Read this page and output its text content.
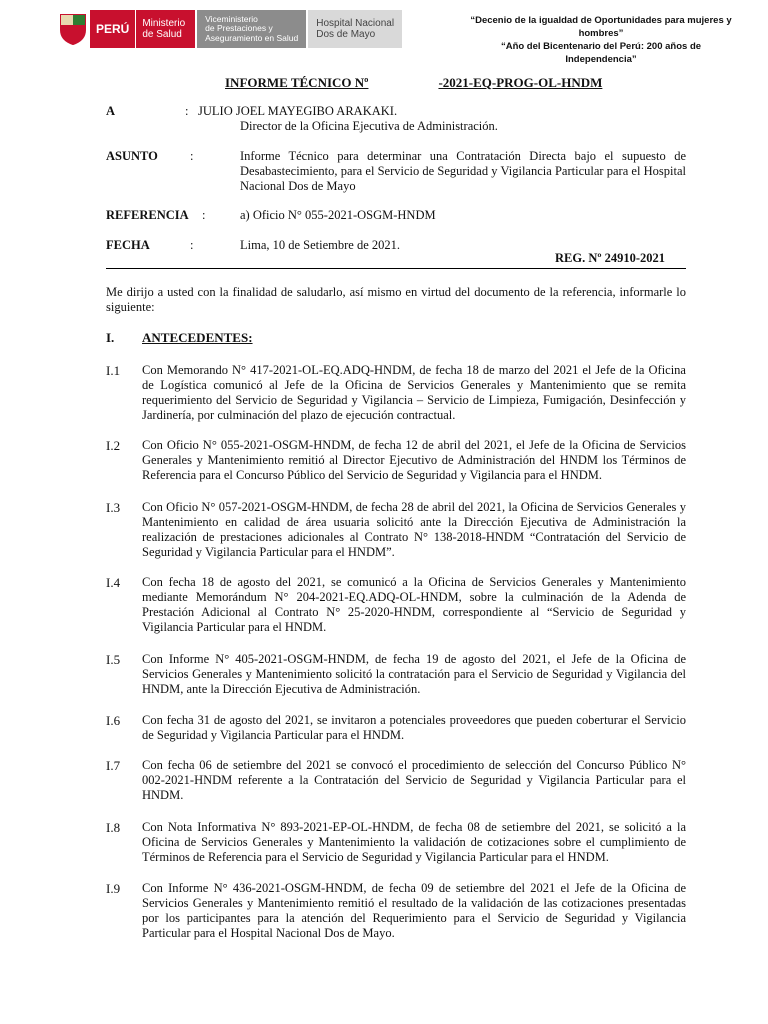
PERÚ	Ministerio
de Salud
Viceministerio
de Prestaciones y
Aseguramiento en Salud
Hospital Nacional
Dos de Mayo
“Decenio de la igualdad de Oportunidades para mujeres y
hombres”
“Año del Bicentenario del Perú: 200 años de Independencia”
INFORME TÉCNICO Nº	-2021-EQ-PROG-OL-HNDM
A	: JULIO JOEL MAYEGIBO ARAKAKI.
Director de la Oficina Ejecutiva de Administración.
ASUNTO	:	Informe Técnico para determinar una Contratación Directa bajo el supuesto de Desabastecimiento, para el Servicio de Seguridad y Vigilancia Particular para el Hospital Nacional Dos de Mayo
REFERENCIA :	a) Oficio N° 055-2021-OSGM-HNDM
FECHA	:	Lima, 10 de Setiembre de 2021.
REG. Nº 24910-2021
Me dirijo a usted con la finalidad de saludarlo, así mismo en virtud del documento de la referencia, informarle lo siguiente:
I. ANTECEDENTES:
I.1 Con Memorando N° 417-2021-OL-EQ.ADQ-HNDM, de fecha 18 de marzo del 2021 el Jefe de la Oficina de Logística comunicó al Jefe de la Oficina de Servicios Generales y Mantenimiento que se remita requerimiento del Servicio de Seguridad y Vigilancia – Servicio de Limpieza, Fumigación, Desinfección y Jardinería, por culminación del plazo de ejecución contractual.
I.2 Con Oficio N° 055-2021-OSGM-HNDM, de fecha 12 de abril del 2021, el Jefe de la Oficina de Servicios Generales y Mantenimiento remitió al Director Ejecutivo de Administración del HNDM los Términos de Referencia para el Concurso Público del Servicio de Seguridad y Vigilancia para el HNDM.
I.3 Con Oficio N° 057-2021-OSGM-HNDM, de fecha 28 de abril del 2021, la Oficina de Servicios Generales y Mantenimiento en calidad de área usuaria solicitó ante la Dirección Ejecutiva de Administración la realización de prestaciones adicionales al Contrato N° 138-2018-HNDM “Contratación del Servicio de Seguridad y Vigilancia Particular para el HNDM”.
I.4 Con fecha 18 de agosto del 2021, se comunicó a la Oficina de Servicios Generales y Mantenimiento mediante Memorándum N° 204-2021-EQ.ADQ-OL-HNDM, sobre la culminación de la Adenda de Prestación Adicional al Contrato N° 25-2020-HNDM, correspondiente al “Servicio de Seguridad y Vigilancia Particular para el HNDM.
I.5 Con Informe N° 405-2021-OSGM-HNDM, de fecha 19 de agosto del 2021, el Jefe de la Oficina de Servicios Generales y Mantenimiento solicitó la contratación para el Servicio de Seguridad y Vigilancia del HNDM, ante la Dirección Ejecutiva de Administración.
I.6 Con fecha 31 de agosto del 2021, se invitaron a potenciales proveedores que pueden coberturar el Servicio de Seguridad y Vigilancia Particular para el HNDM.
I.7 Con fecha 06 de setiembre del 2021 se convocó el procedimiento de selección del Concurso Público N° 002-2021-HNDM referente a la Contratación del Servicio de Seguridad y Vigilancia Particular para el HNDM.
I.8 Con Nota Informativa N° 893-2021-EP-OL-HNDM, de fecha 08 de setiembre del 2021, se solicitó a la Oficina de Servicios Generales y Mantenimiento la validación de cotizaciones sobre el cumplimiento de Términos de Referencia para el Servicio de Seguridad y Vigilancia Particular para el HNDM.
I.9 Con Informe N° 436-2021-OSGM-HNDM, de fecha 09 de setiembre del 2021 el Jefe de la Oficina de Servicios Generales y Mantenimiento remitió el resultado de la validación de las cotizaciones presentadas por los participantes para la atención del Requerimiento para el Servicio de Seguridad y Vigilancia Particular para el Hospital Nacional Dos de Mayo.
